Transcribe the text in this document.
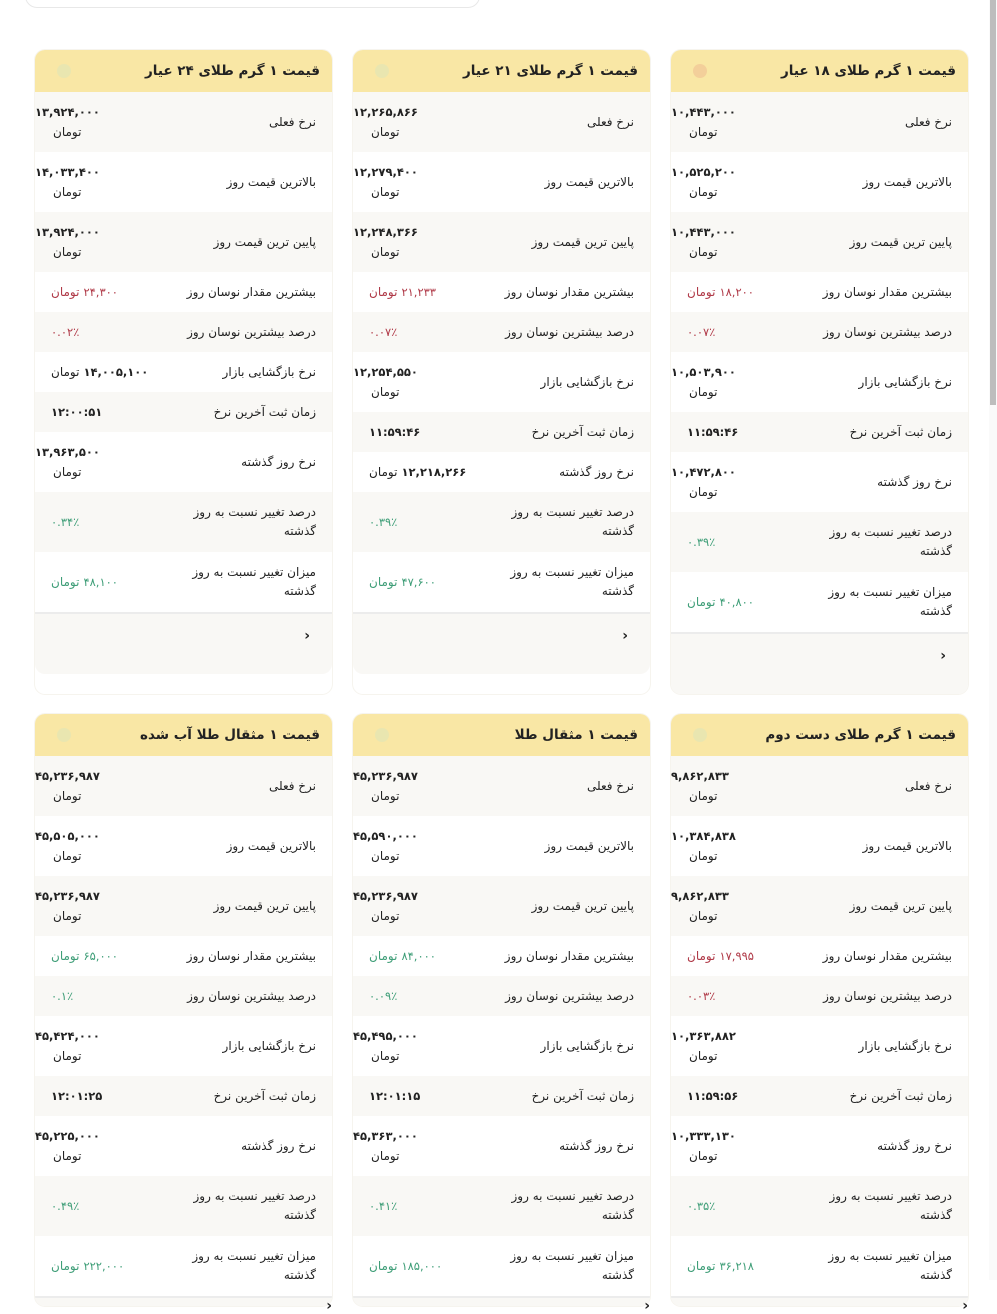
قیمت ۱ گرم طلای ۱۸ عیار
نرخ فعلی
۱۰,۴۴۳,۰۰۰
تومان
بالاترین قیمت روز
۱۰,۵۲۵,۲۰۰
تومان
پایین ترین قیمت روز
۱۰,۴۴۳,۰۰۰
تومان
بیشترین مقدار نوسان روز
۱۸,۲۰۰
تومان
درصد بیشترین نوسان روز
۰.۰۷٪
نرخ بازگشایی بازار
۱۰,۵۰۳,۹۰۰
تومان
زمان ثبت آخرین نرخ
۱۱:۵۹:۴۶
نرخ روز گذشته
۱۰,۴۷۲,۸۰۰
تومان
درصد تغییر نسبت به روز گذشته
۰.۳۹٪
میزان تغییر نسبت به روز گذشته
۴۰,۸۰۰
تومان
‹
قیمت ۱ گرم طلای ۲۱ عیار
نرخ فعلی
۱۲,۲۶۵,۸۶۶
تومان
بالاترین قیمت روز
۱۲,۲۷۹,۴۰۰
تومان
پایین ترین قیمت روز
۱۲,۲۴۸,۳۶۶
تومان
بیشترین مقدار نوسان روز
۲۱,۲۳۳
تومان
درصد بیشترین نوسان روز
۰.۰۷٪
نرخ بازگشایی بازار
۱۲,۲۵۴,۵۵۰
تومان
زمان ثبت آخرین نرخ
۱۱:۵۹:۴۶
نرخ روز گذشته
۱۲,۲۱۸,۲۶۶
تومان
درصد تغییر نسبت به روز گذشته
۰.۳۹٪
میزان تغییر نسبت به روز گذشته
۴۷,۶۰۰
تومان
‹
قیمت ۱ گرم طلای ۲۴ عیار
نرخ فعلی
۱۳,۹۲۴,۰۰۰
تومان
بالاترین قیمت روز
۱۴,۰۳۳,۴۰۰
تومان
پایین ترین قیمت روز
۱۳,۹۲۴,۰۰۰
تومان
بیشترین مقدار نوسان روز
۲۴,۳۰۰
تومان
درصد بیشترین نوسان روز
۰.۰۲٪
نرخ بازگشایی بازار
۱۴,۰۰۵,۱۰۰
تومان
زمان ثبت آخرین نرخ
۱۲:۰۰:۵۱
نرخ روز گذشته
۱۳,۹۶۳,۵۰۰
تومان
درصد تغییر نسبت به روز گذشته
۰.۳۴٪
میزان تغییر نسبت به روز گذشته
۴۸,۱۰۰
تومان
‹
قیمت ۱ گرم طلای دست دوم
نرخ فعلی
۹,۸۶۲,۸۳۳
تومان
بالاترین قیمت روز
۱۰,۳۸۴,۸۳۸
تومان
پایین ترین قیمت روز
۹,۸۶۲,۸۳۳
تومان
بیشترین مقدار نوسان روز
۱۷,۹۹۵
تومان
درصد بیشترین نوسان روز
۰.۰۳٪
نرخ بازگشایی بازار
۱۰,۳۶۳,۸۸۲
تومان
زمان ثبت آخرین نرخ
۱۱:۵۹:۵۶
نرخ روز گذشته
۱۰,۳۳۳,۱۳۰
تومان
درصد تغییر نسبت به روز گذشته
۰.۳۵٪
میزان تغییر نسبت به روز گذشته
۳۶,۲۱۸
تومان
‹
قیمت ۱ مثقال طلا
نرخ فعلی
۴۵,۲۳۶,۹۸۷
تومان
بالاترین قیمت روز
۴۵,۵۹۰,۰۰۰
تومان
پایین ترین قیمت روز
۴۵,۲۳۶,۹۸۷
تومان
بیشترین مقدار نوسان روز
۸۴,۰۰۰
تومان
درصد بیشترین نوسان روز
۰.۰۹٪
نرخ بازگشایی بازار
۴۵,۴۹۵,۰۰۰
تومان
زمان ثبت آخرین نرخ
۱۲:۰۱:۱۵
نرخ روز گذشته
۴۵,۳۶۳,۰۰۰
تومان
درصد تغییر نسبت به روز گذشته
۰.۴۱٪
میزان تغییر نسبت به روز گذشته
۱۸۵,۰۰۰
تومان
‹
قیمت ۱ مثقال طلا آب شده
نرخ فعلی
۴۵,۲۳۶,۹۸۷
تومان
بالاترین قیمت روز
۴۵,۵۰۵,۰۰۰
تومان
پایین ترین قیمت روز
۴۵,۲۳۶,۹۸۷
تومان
بیشترین مقدار نوسان روز
۶۵,۰۰۰
تومان
درصد بیشترین نوسان روز
۰.۱٪
نرخ بازگشایی بازار
۴۵,۴۲۴,۰۰۰
تومان
زمان ثبت آخرین نرخ
۱۲:۰۱:۲۵
نرخ روز گذشته
۴۵,۲۲۵,۰۰۰
تومان
درصد تغییر نسبت به روز گذشته
۰.۴۹٪
میزان تغییر نسبت به روز گذشته
۲۲۲,۰۰۰
تومان
‹
